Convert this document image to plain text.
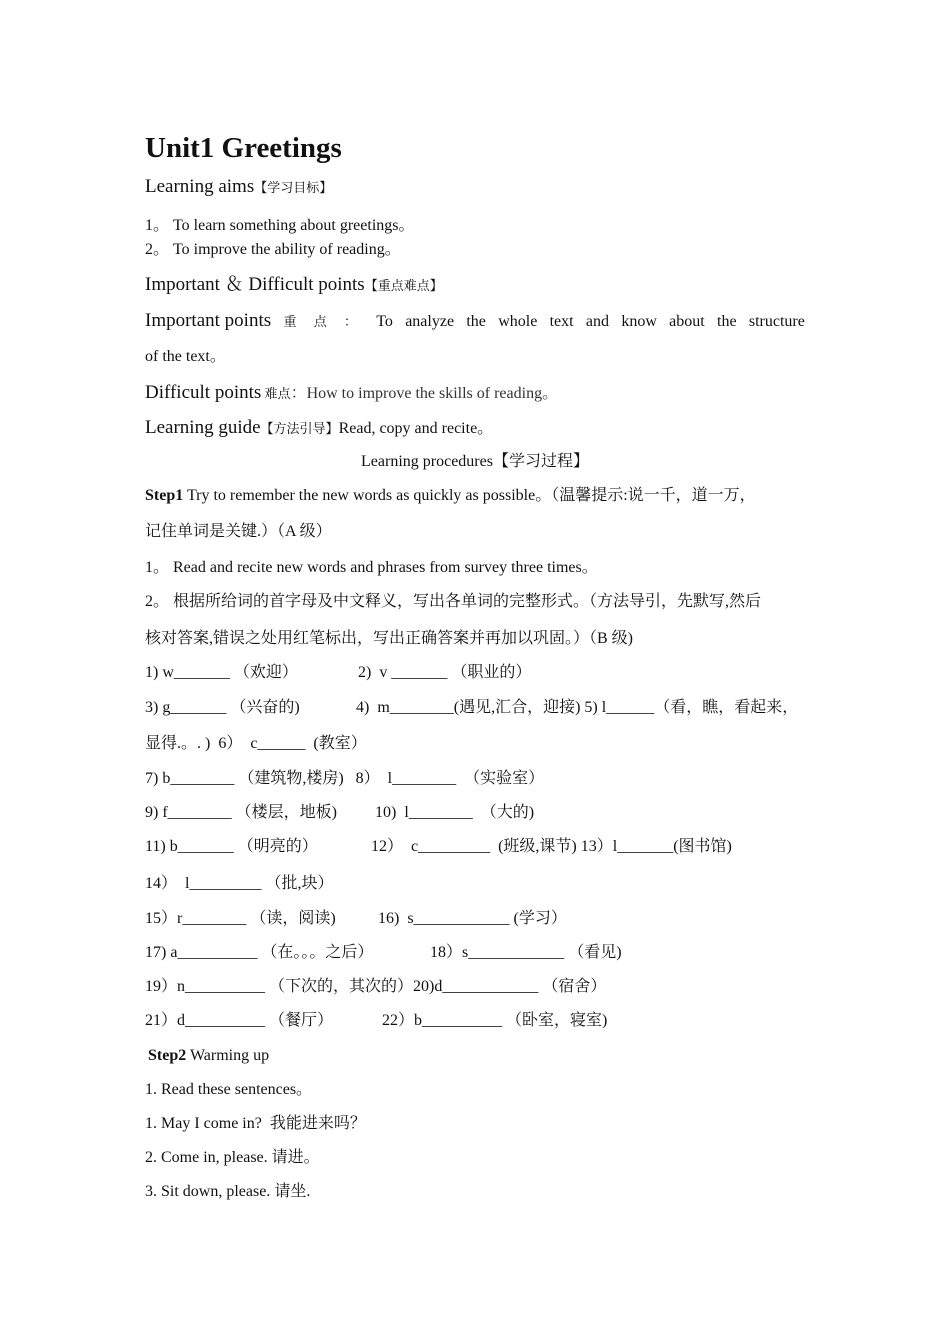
Unit1 Greetings
Learning aims【学习目标】
1。 To learn something about greetings。
2。 To improve the ability of reading。
Important ＆ Difficult points【重点难点】
Important points 重 点 ： To analyze the whole text and know about the structure
of the text。
Difficult points 难点：How to improve the skills of reading。
Learning guide【方法引导】Read, copy and recite。
Learning procedures【学习过程】
Step1 Try to remember the new words as quickly as possible。（温馨提示:说一千，道一万，
记住单词是关键.）（A 级）
1。 Read and recite new words and phrases from survey three times。
2。 根据所给词的首字母及中文释义，写出各单词的完整形式。（方法导引，先默写,然后
核对答案,错误之处用红笔标出，写出正确答案并再加以巩固。）（B 级)
1) w_______ （欢迎）	2)  v _______ （职业的）
3) g_______ （兴奋的)	4)  m________(遇见,汇合，迎接) 5) l______（看，瞧，看起来，
显得.。. )  6）  c______  (教室）
7) b________ （建筑物,楼房)   8）  l________  （实验室）
9) f________ （楼层，地板) 10)  l________  （大的)
11) b_______ （明亮的）	12）  c_________  (班级,课节) 13）l_______(图书馆)
14）  l_________ （批,块）
15）r________ （读，阅读)	16)  s____________ (学习）
17) a__________ （在。。。之后）	18）s____________ （看见)
19）n__________ （下次的，其次的）20)d____________ （宿舍）
21）d__________ （餐厅）	22）b__________ （卧室，寝室)
Step2 Warming up
1. Read these sentences。
1. May I come in?  我能进来吗？
2. Come in, please. 请进。
3. Sit down, please. 请坐.
